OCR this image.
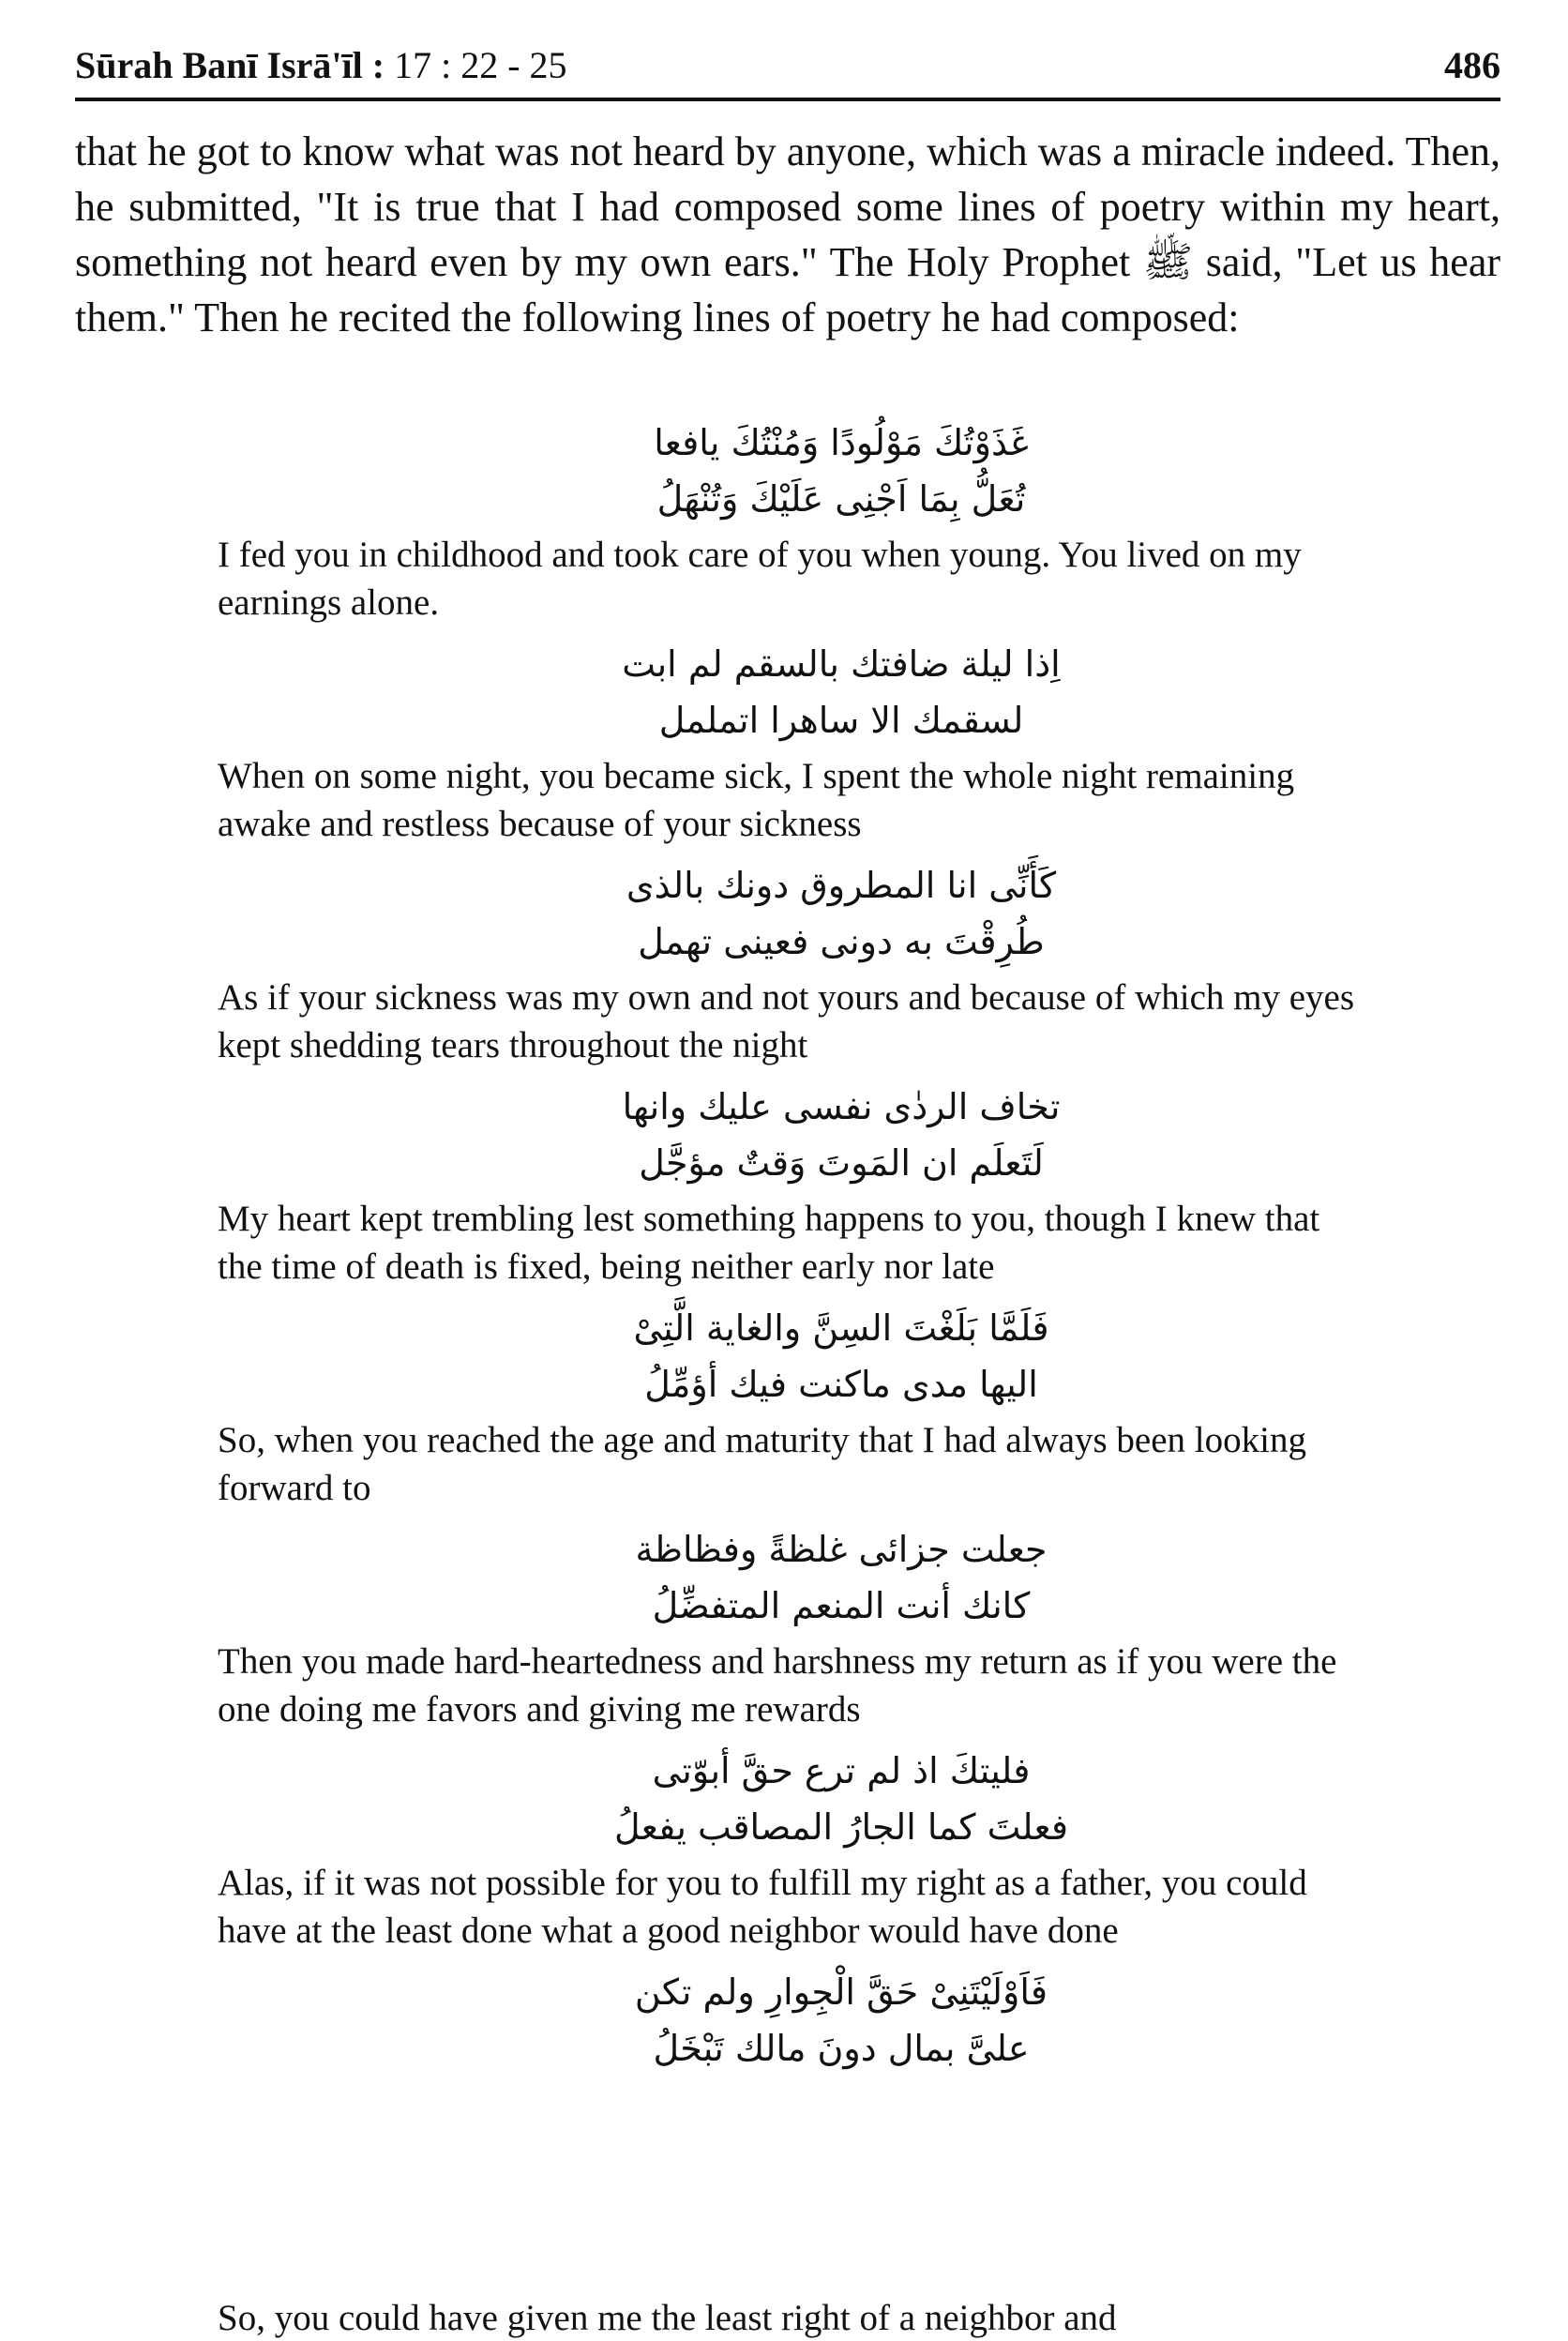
Sūrah Banī Isrā'īl : 17 : 22 - 25	486

that he got to know what was not heard by anyone, which was a miracle indeed. Then, he submitted, "It is true that I had composed some lines of poetry within my heart, something not heard even by my own ears." The Holy Prophet ﷺ said, "Let us hear them." Then he recited the following lines of poetry he had composed:

غَذَوْتُكَ مَوْلُودًا وَمُنْتُكَ يافعا
تُعَلُّ بِمَا اَجْنِى عَلَيْكَ وَتُنْهَلُ
I fed you in childhood and took care of you when young. You lived on my earnings alone.
اِذا ليلة ضافتك بالسقم لم ابت
لسقمك الا ساهرا اتململ
When on some night, you became sick, I spent the whole night remaining awake and restless because of your sickness
كَأَنِّى انا المطروق دونك بالذى
طُرِقْتَ به دونى فعينى تهمل
As if your sickness was my own and not yours and because of which my eyes kept shedding tears throughout the night
تخاف الردٰى نفسى عليك وانها
لَتَعلَم ان المَوتَ وَقتٌ مؤجَّل
My heart kept trembling lest something happens to you, though I knew that the time of death is fixed, being neither early nor late
فَلَمَّا بَلَغْتَ السِنَّ والغاية الَّتِىْ
اليها مدى ماكنت فيك أؤمِّلُ
So, when you reached the age and maturity that I had always been looking forward to
جعلت جزائى غلظةً وفظاظة
كانك أنت المنعم المتفضِّلُ
Then you made hard-heartedness and harshness my return as if you were the one doing me favors and giving me rewards
فليتكَ اذ لم ترع حقَّ أبوّتى
فعلتَ كما الجارُ المصاقب يفعلُ
Alas, if it was not possible for you to fulfill my right as a father, you could have at the least done what a good neighbor would have done
فَاَوْلَيْتَنِىْ حَقَّ الْجِوارِ ولم تكن
علىَّ بمال دونَ مالك تَبْخَلُ

So, you could have given me the least right of a neighbor and
